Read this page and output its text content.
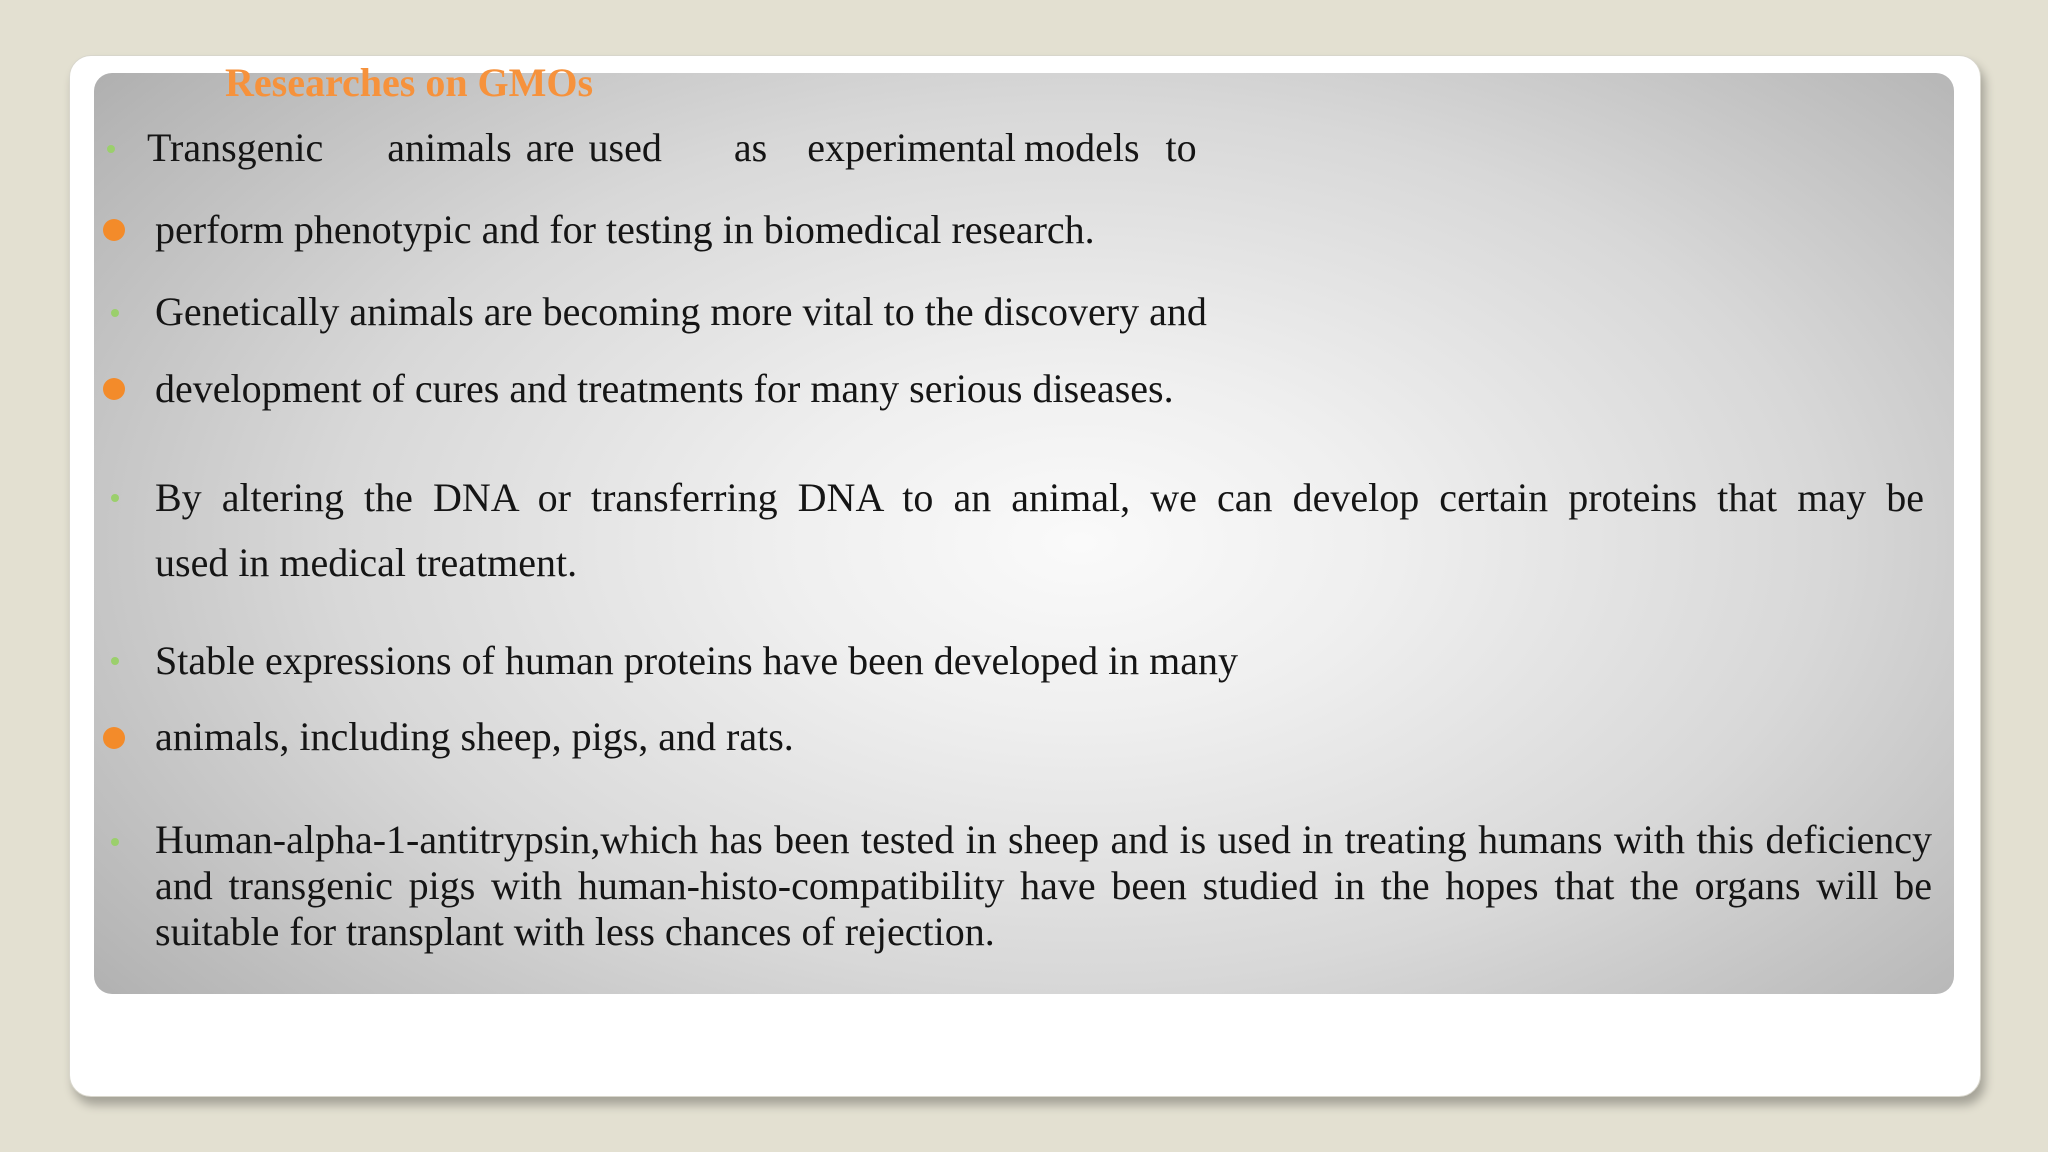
Researches on GMOs
Transgenic animals are used as experimental models to
perform phenotypic and for testing in biomedical research.
Genetically animals are becoming more vital to the discovery and
development of cures and treatments for many serious diseases.
By altering the DNA or transferring DNA to an animal, we can develop certain proteins that may be
used in medical treatment.
Stable expressions of human proteins have been developed in many
animals, including sheep, pigs, and rats.
Human-alpha-1-antitrypsin,which has been tested in sheep and is used in treating humans with this deficiency and transgenic pigs with human-histo-compatibility have been studied in the hopes that the organs will be suitable for transplant with less chances of rejection.
